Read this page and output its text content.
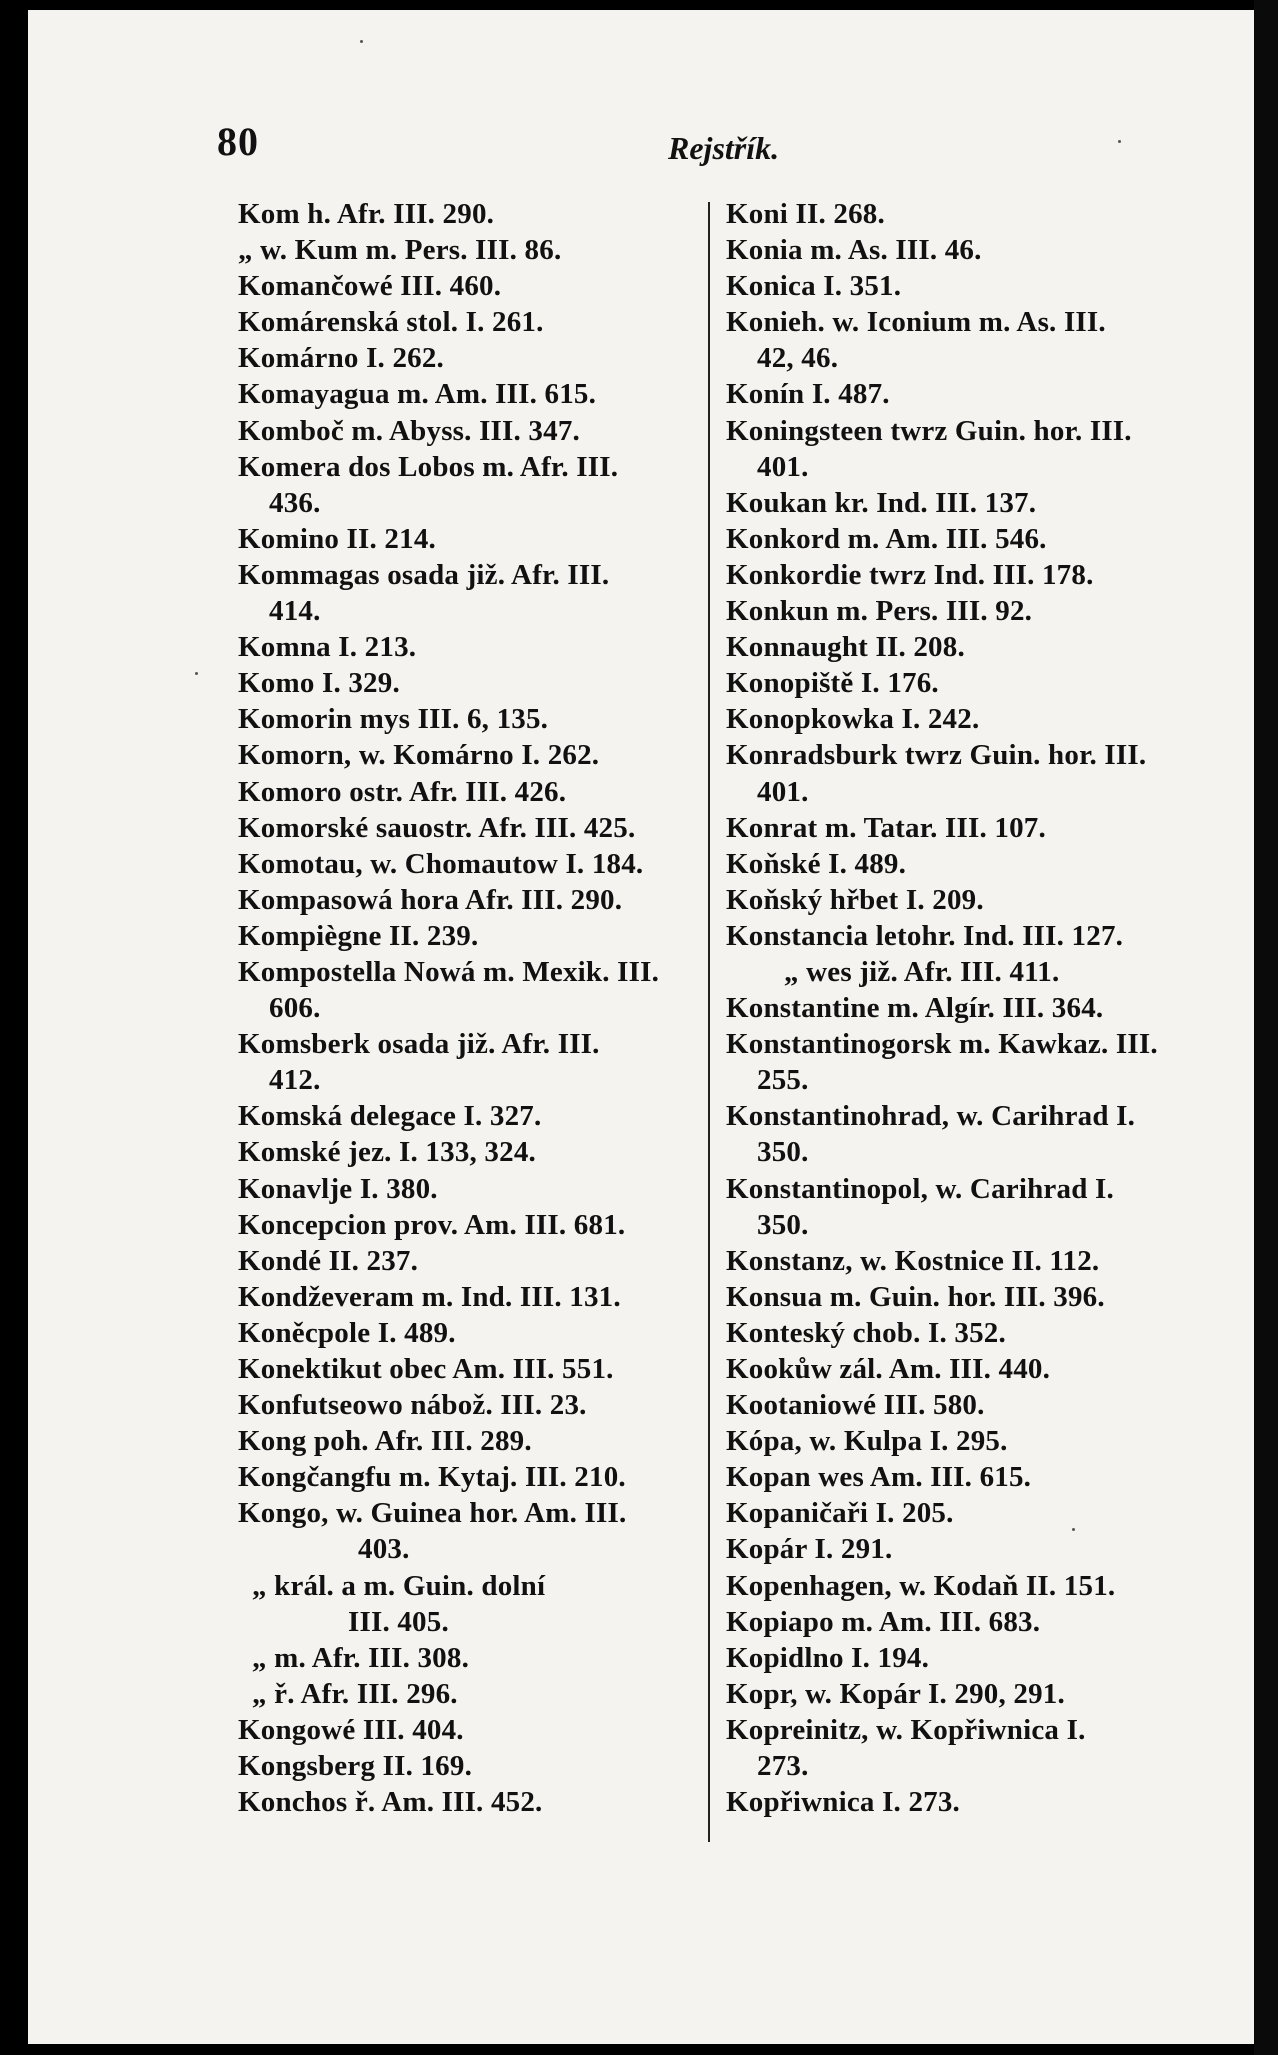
80	Rejstřík.
Kom h. Afr. III. 290.
„ w. Kum m. Pers. III. 86.
Komančowé III. 460.
Komárenská stol. I. 261.
Komárno I. 262.
Komayagua m. Am. III. 615.
Komboč m. Abyss. III. 347.
Komera dos Lobos m. Afr. III.
436.
Komino II. 214.
Kommagas osada již. Afr. III.
414.
Komna I. 213.
Komo I. 329.
Komorin mys III. 6, 135.
Komorn, w. Komárno I. 262.
Komoro ostr. Afr. III. 426.
Komorské sauostr. Afr. III. 425.
Komotau, w. Chomautow I. 184.
Kompasowá hora Afr. III. 290.
Kompiègne II. 239.
Kompostella Nowá m. Mexik. III.
606.
Komsberk osada již. Afr. III.
412.
Komská delegace I. 327.
Komské jez. I. 133, 324.
Konavlje I. 380.
Koncepcion prov. Am. III. 681.
Kondé II. 237.
Kondževeram m. Ind. III. 131.
Koněcpole I. 489.
Konektikut obec Am. III. 551.
Konfutseowo nábož. III. 23.
Kong poh. Afr. III. 289.
Kongčangfu m. Kytaj. III. 210.
Kongo, w. Guinea hor. Am. III.
403.
„ král. a m. Guin. dolní
III. 405.
„ m. Afr. III. 308.
„ ř. Afr. III. 296.
Kongowé III. 404.
Kongsberg II. 169.
Konchos ř. Am. III. 452.
Koni II. 268.
Konia m. As. III. 46.
Konica I. 351.
Konieh. w. Iconium m. As. III.
42, 46.
Konín I. 487.
Koningsteen twrz Guin. hor. III.
401.
Koukan kr. Ind. III. 137.
Konkord m. Am. III. 546.
Konkordie twrz Ind. III. 178.
Konkun m. Pers. III. 92.
Konnaught II. 208.
Konopiště I. 176.
Konopkowka I. 242.
Konradsburk twrz Guin. hor. III.
401.
Konrat m. Tatar. III. 107.
Koňské I. 489.
Koňský hřbet I. 209.
Konstancia letohr. Ind. III. 127.
„ wes již. Afr. III. 411.
Konstantine m. Algír. III. 364.
Konstantinogorsk m. Kawkaz. III.
255.
Konstantinohrad, w. Carihrad I.
350.
Konstantinopol, w. Carihrad I.
350.
Konstanz, w. Kostnice II. 112.
Konsua m. Guin. hor. III. 396.
Konteský chob. I. 352.
Kookůw zál. Am. III. 440.
Kootaniowé III. 580.
Kópa, w. Kulpa I. 295.
Kopan wes Am. III. 615.
Kopaničaři I. 205.
Kopár I. 291.
Kopenhagen, w. Kodaň II. 151.
Kopiapo m. Am. III. 683.
Kopidlno I. 194.
Kopr, w. Kopár I. 290, 291.
Kopreinitz, w. Kopřiwnica I.
273.
Kopřiwnica I. 273.
